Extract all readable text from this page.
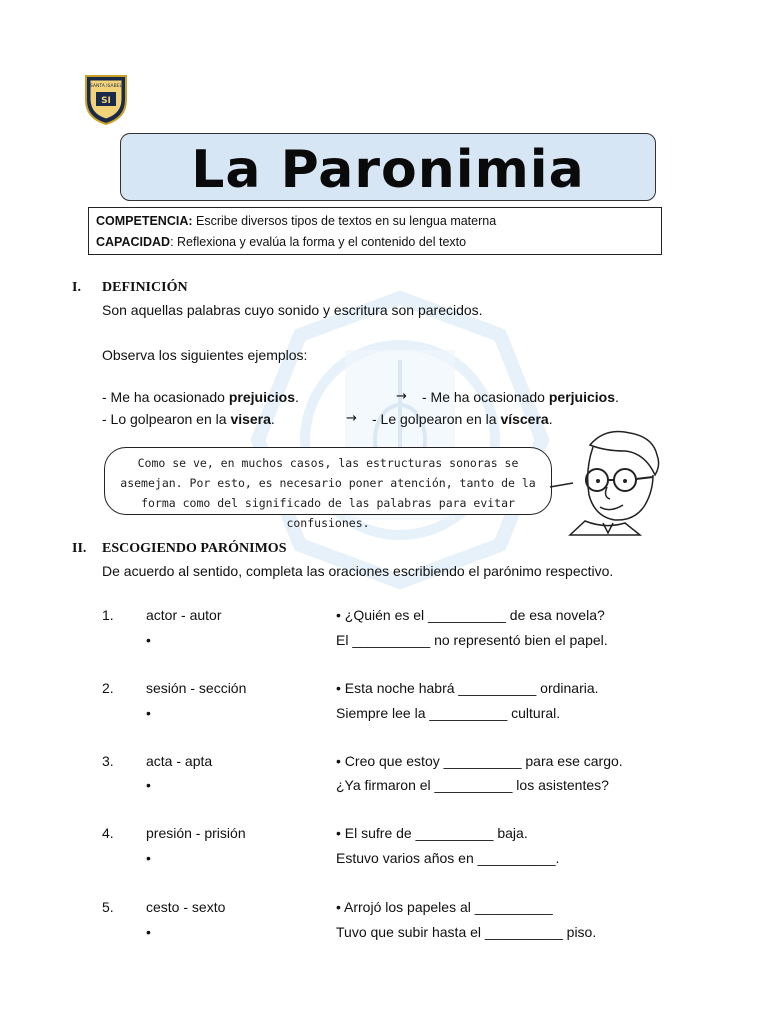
SI
SANTA ISABEL
La Paronimia
COMPETENCIA: Escribe diversos tipos de textos en su lengua materna
CAPACIDAD: Reflexiona y evalúa la forma y el contenido del texto
I. DEFINICIÓN
Son aquellas palabras cuyo sonido y escritura son parecidos.
Observa los siguientes ejemplos:
- Me ha ocasionado prejuicios.	→ - Me ha ocasionado perjuicios.
- Lo golpearon en la visera.	→ - Le golpearon en la víscera.
Como se ve, en muchos casos, las estructuras sonoras se
asemejan. Por esto, es necesario poner atención, tanto de la
forma como del significado de las palabras para evitar confusiones.
II. ESCOGIENDO PARÓNIMOS
De acuerdo al sentido, completa las oraciones escribiendo el parónimo respectivo.
1. actor - autor	• ¿Quién es el __________ de esa novela?
•	El __________ no representó bien el papel.
2. sesión - sección	• Esta noche habrá __________ ordinaria.
•	Siempre lee la __________ cultural.
3. acta - apta	• Creo que estoy __________ para ese cargo.
•	¿Ya firmaron el __________ los asistentes?
4. presión - prisión	• El sufre de __________ baja.
•	Estuvo varios años en __________.
5. cesto - sexto	• Arrojó los papeles al __________
•	Tuvo que subir hasta el __________ piso.
